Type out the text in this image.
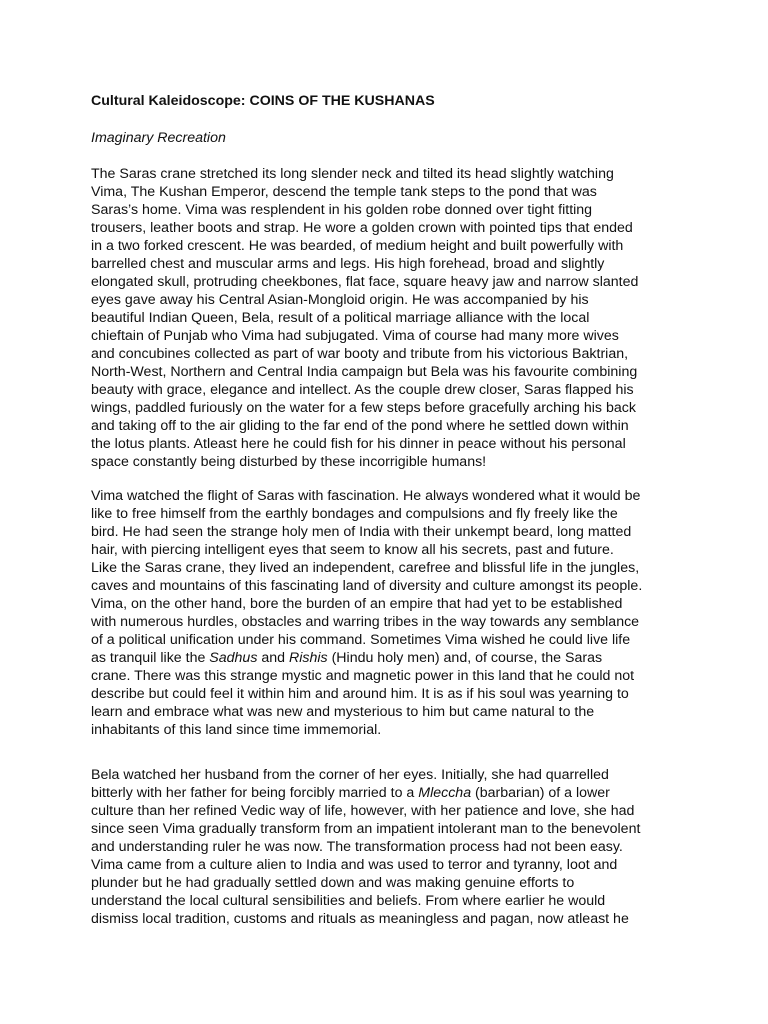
Cultural Kaleidoscope: COINS OF THE KUSHANAS
Imaginary Recreation
The Saras crane stretched its long slender neck and tilted its head slightly watching
Vima, The Kushan Emperor, descend the temple tank steps to the pond that was
Saras’s home. Vima was resplendent in his golden robe donned over tight fitting
trousers, leather boots and strap. He wore a golden crown with pointed tips that ended
in a two forked crescent. He was bearded, of medium height and built powerfully with
barrelled chest and muscular arms and legs. His high forehead, broad and slightly
elongated skull, protruding cheekbones, flat face, square heavy jaw and narrow slanted
eyes gave away his Central Asian-Mongloid origin. He was accompanied by his
beautiful Indian Queen, Bela, result of a political marriage alliance with the local
chieftain of Punjab who Vima had subjugated. Vima of course had many more wives
and concubines collected as part of war booty and tribute from his victorious Baktrian,
North-West, Northern and Central India campaign but Bela was his favourite combining
beauty with grace, elegance and intellect. As the couple drew closer, Saras flapped his
wings, paddled furiously on the water for a few steps before gracefully arching his back
and taking off to the air gliding to the far end of the pond where he settled down within
the lotus plants. Atleast here he could fish for his dinner in peace without his personal
space constantly being disturbed by these incorrigible humans!
Vima watched the flight of Saras with fascination. He always wondered what it would be
like to free himself from the earthly bondages and compulsions and fly freely like the
bird. He had seen the strange holy men of India with their unkempt beard, long matted
hair, with piercing intelligent eyes that seem to know all his secrets, past and future.
Like the Saras crane, they lived an independent, carefree and blissful life in the jungles,
caves and mountains of this fascinating land of diversity and culture amongst its people.
Vima, on the other hand, bore the burden of an empire that had yet to be established
with numerous hurdles, obstacles and warring tribes in the way towards any semblance
of a political unification under his command. Sometimes Vima wished he could live life
as tranquil like the Sadhus and Rishis (Hindu holy men) and, of course, the Saras
crane. There was this strange mystic and magnetic power in this land that he could not
describe but could feel it within him and around him. It is as if his soul was yearning to
learn and embrace what was new and mysterious to him but came natural to the
inhabitants of this land since time immemorial.
Bela watched her husband from the corner of her eyes. Initially, she had quarrelled
bitterly with her father for being forcibly married to a Mleccha (barbarian) of a lower
culture than her refined Vedic way of life, however, with her patience and love, she had
since seen Vima gradually transform from an impatient intolerant man to the benevolent
and understanding ruler he was now. The transformation process had not been easy.
Vima came from a culture alien to India and was used to terror and tyranny, loot and
plunder but he had gradually settled down and was making genuine efforts to
understand the local cultural sensibilities and beliefs. From where earlier he would
dismiss local tradition, customs and rituals as meaningless and pagan, now atleast he
